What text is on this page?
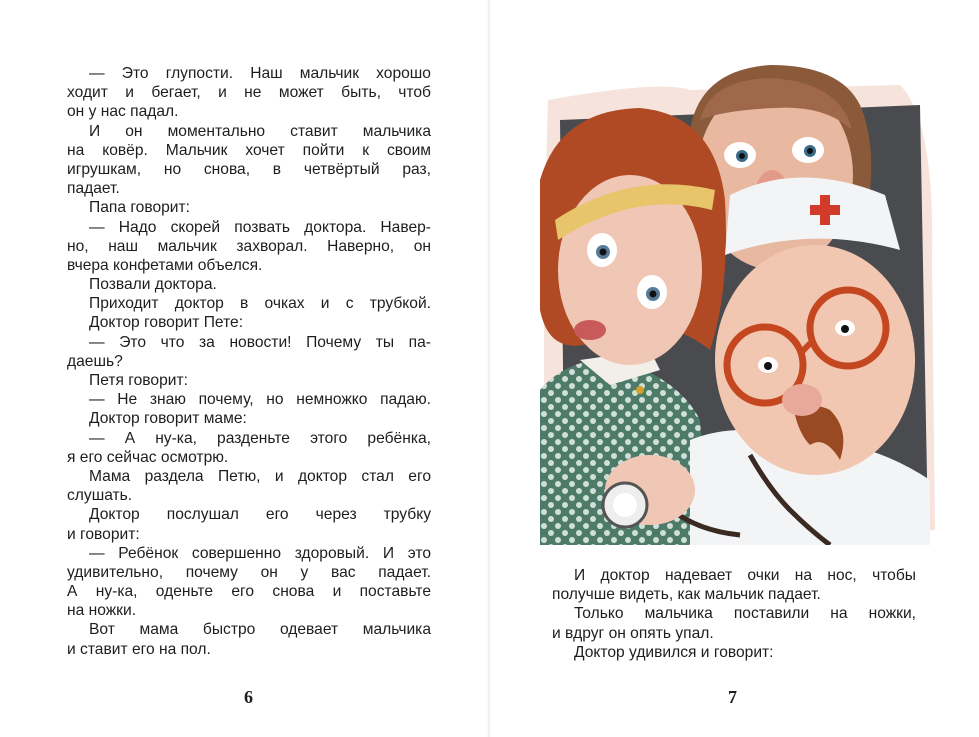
— Это глупости. Наш мальчик хорошо
ходит и бегает, и не может быть, чтоб
он у нас падал.
И он моментально ставит мальчика
на ковёр. Мальчик хочет пойти к своим
игрушкам, но снова, в четвёртый раз,
падает.
Папа говорит:
— Надо скорей позвать доктора. Навер-
но, наш мальчик захворал. Наверно, он
вчера конфетами объелся.
Позвали доктора.
Приходит доктор в очках и с трубкой.
Доктор говорит Пете:
— Это что за новости! Почему ты па-
даешь?
Петя говорит:
— Не знаю почему, но немножко падаю.
Доктор говорит маме:
— А ну-ка, разденьте этого ребёнка,
я его сейчас осмотрю.
Мама раздела Петю, и доктор стал его
слушать.
Доктор послушал его через трубку
и говорит:
— Ребёнок совершенно здоровый. И это
удивительно, почему он у вас падает.
А ну-ка, оденьте его снова и поставьте
на ножки.
Вот мама быстро одевает мальчика
и ставит его на пол.
6
И доктор надевает очки на нос, чтобы
получше видеть, как мальчик падает.
Только мальчика поставили на ножки,
и вдруг он опять упал.
Доктор удивился и говорит:
7
